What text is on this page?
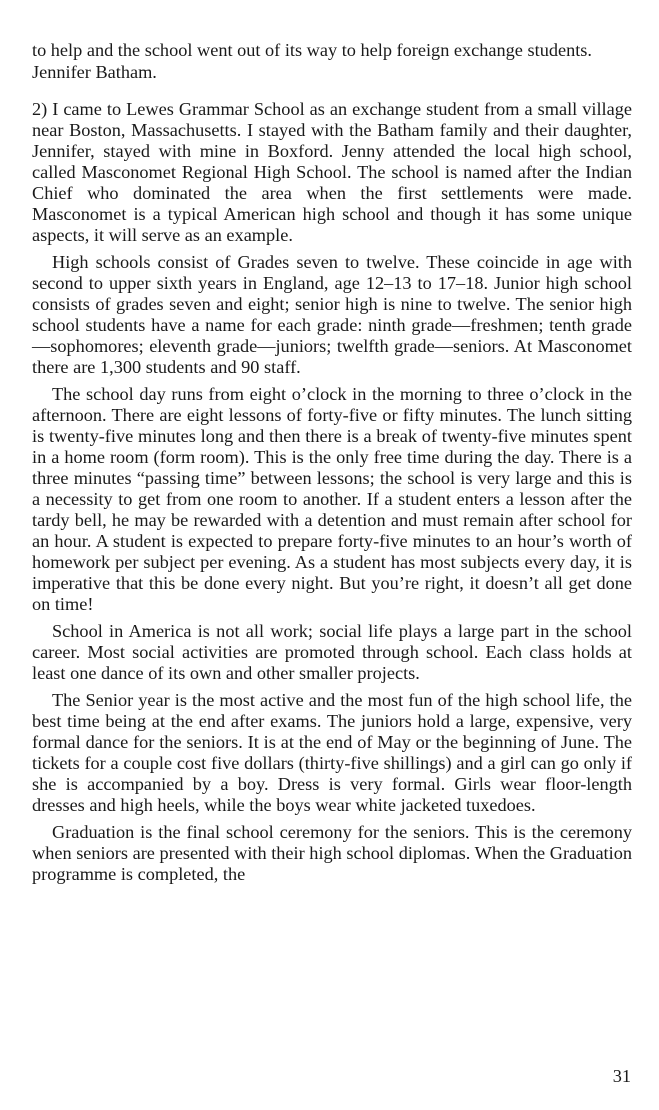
to help and the school went out of its way to help foreign exchange students.

Jennifer Batham.

2) I came to Lewes Grammar School as an exchange student from a small village near Boston, Massachusetts. I stayed with the Batham family and their daughter, Jennifer, stayed with mine in Boxford. Jenny attended the local high school, called Masconomet Regional High School. The school is named after the Indian Chief who dominated the area when the first settlements were made. Masconomet is a typical American high school and though it has some unique aspects, it will serve as an example.

High schools consist of Grades seven to twelve. These coincide in age with second to upper sixth years in England, age 12–13 to 17–18. Junior high school consists of grades seven and eight; senior high is nine to twelve. The senior high school students have a name for each grade: ninth grade—freshmen; tenth grade—sophomores; eleventh grade—juniors; twelfth grade—seniors. At Masconomet there are 1,300 students and 90 staff.

The school day runs from eight o’clock in the morning to three o’clock in the afternoon. There are eight lessons of forty-five or fifty minutes. The lunch sitting is twenty-five minutes long and then there is a break of twenty-five minutes spent in a home room (form room). This is the only free time during the day. There is a three minutes “passing time” between lessons; the school is very large and this is a necessity to get from one room to another. If a student enters a lesson after the tardy bell, he may be rewarded with a detention and must remain after school for an hour. A student is expected to prepare forty-five minutes to an hour’s worth of homework per subject per evening. As a student has most subjects every day, it is imperative that this be done every night. But you’re right, it doesn’t all get done on time!

School in America is not all work; social life plays a large part in the school career. Most social activities are promoted through school. Each class holds at least one dance of its own and other smaller projects.

The Senior year is the most active and the most fun of the high school life, the best time being at the end after exams. The juniors hold a large, expensive, very formal dance for the seniors. It is at the end of May or the beginning of June. The tickets for a couple cost five dollars (thirty-five shillings) and a girl can go only if she is accompanied by a boy. Dress is very formal. Girls wear floor-length dresses and high heels, while the boys wear white jacketed tuxedoes.

Graduation is the final school ceremony for the seniors. This is the ceremony when seniors are presented with their high school diplomas. When the Graduation programme is completed, the

31
